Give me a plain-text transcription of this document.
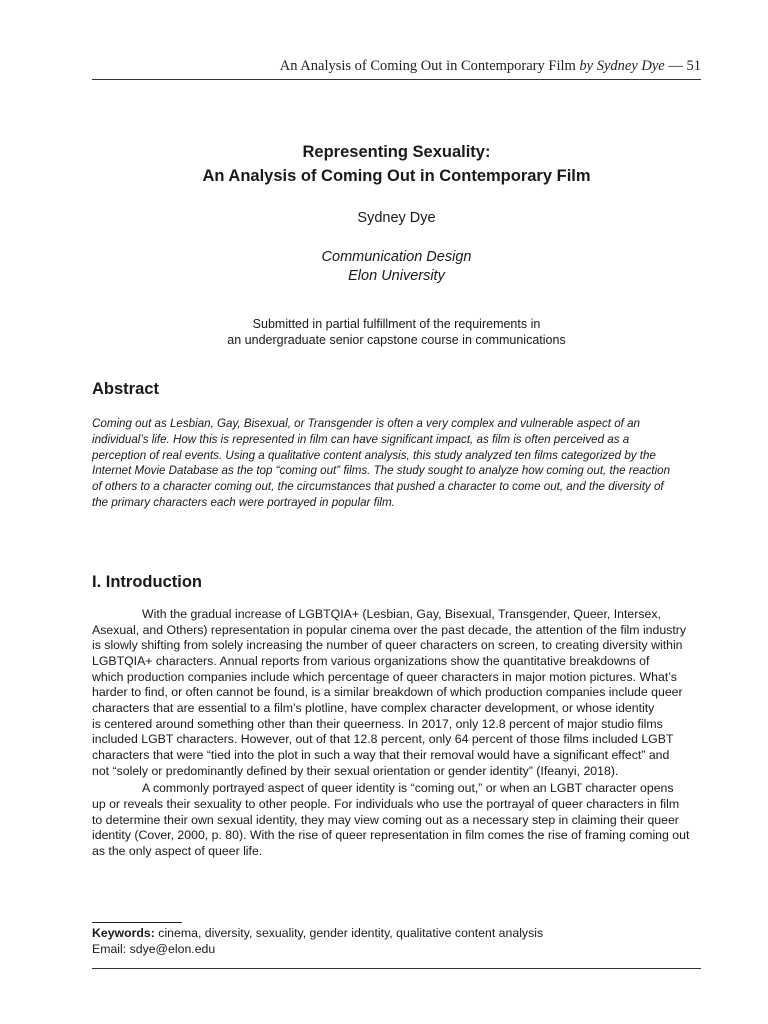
An Analysis of Coming Out in Contemporary Film by Sydney Dye — 51
Representing Sexuality:
An Analysis of Coming Out in Contemporary Film
Sydney Dye
Communication Design
Elon University
Submitted in partial fulfillment of the requirements in
an undergraduate senior capstone course in communications
Abstract
Coming out as Lesbian, Gay, Bisexual, or Transgender is often a very complex and vulnerable aspect of an
individual’s life. How this is represented in film can have significant impact, as film is often perceived as a
perception of real events. Using a qualitative content analysis, this study analyzed ten films categorized by the
Internet Movie Database as the top “coming out” films. The study sought to analyze how coming out, the reaction
of others to a character coming out, the circumstances that pushed a character to come out, and the diversity of
the primary characters each were portrayed in popular film.
I. Introduction
With the gradual increase of LGBTQIA+ (Lesbian, Gay, Bisexual, Transgender, Queer, Intersex,
Asexual, and Others) representation in popular cinema over the past decade, the attention of the film industry
is slowly shifting from solely increasing the number of queer characters on screen, to creating diversity within
LGBTQIA+ characters. Annual reports from various organizations show the quantitative breakdowns of
which production companies include which percentage of queer characters in major motion pictures. What’s
harder to find, or often cannot be found, is a similar breakdown of which production companies include queer
characters that are essential to a film’s plotline, have complex character development, or whose identity
is centered around something other than their queerness. In 2017, only 12.8 percent of major studio films
included LGBT characters. However, out of that 12.8 percent, only 64 percent of those films included LGBT
characters that were “tied into the plot in such a way that their removal would have a significant effect” and
not “solely or predominantly defined by their sexual orientation or gender identity” (Ifeanyi, 2018).
A commonly portrayed aspect of queer identity is “coming out,” or when an LGBT character opens
up or reveals their sexuality to other people. For individuals who use the portrayal of queer characters in film
to determine their own sexual identity, they may view coming out as a necessary step in claiming their queer
identity (Cover, 2000, p. 80). With the rise of queer representation in film comes the rise of framing coming out
as the only aspect of queer life.
Keywords: cinema, diversity, sexuality, gender identity, qualitative content analysis
Email: sdye@elon.edu
